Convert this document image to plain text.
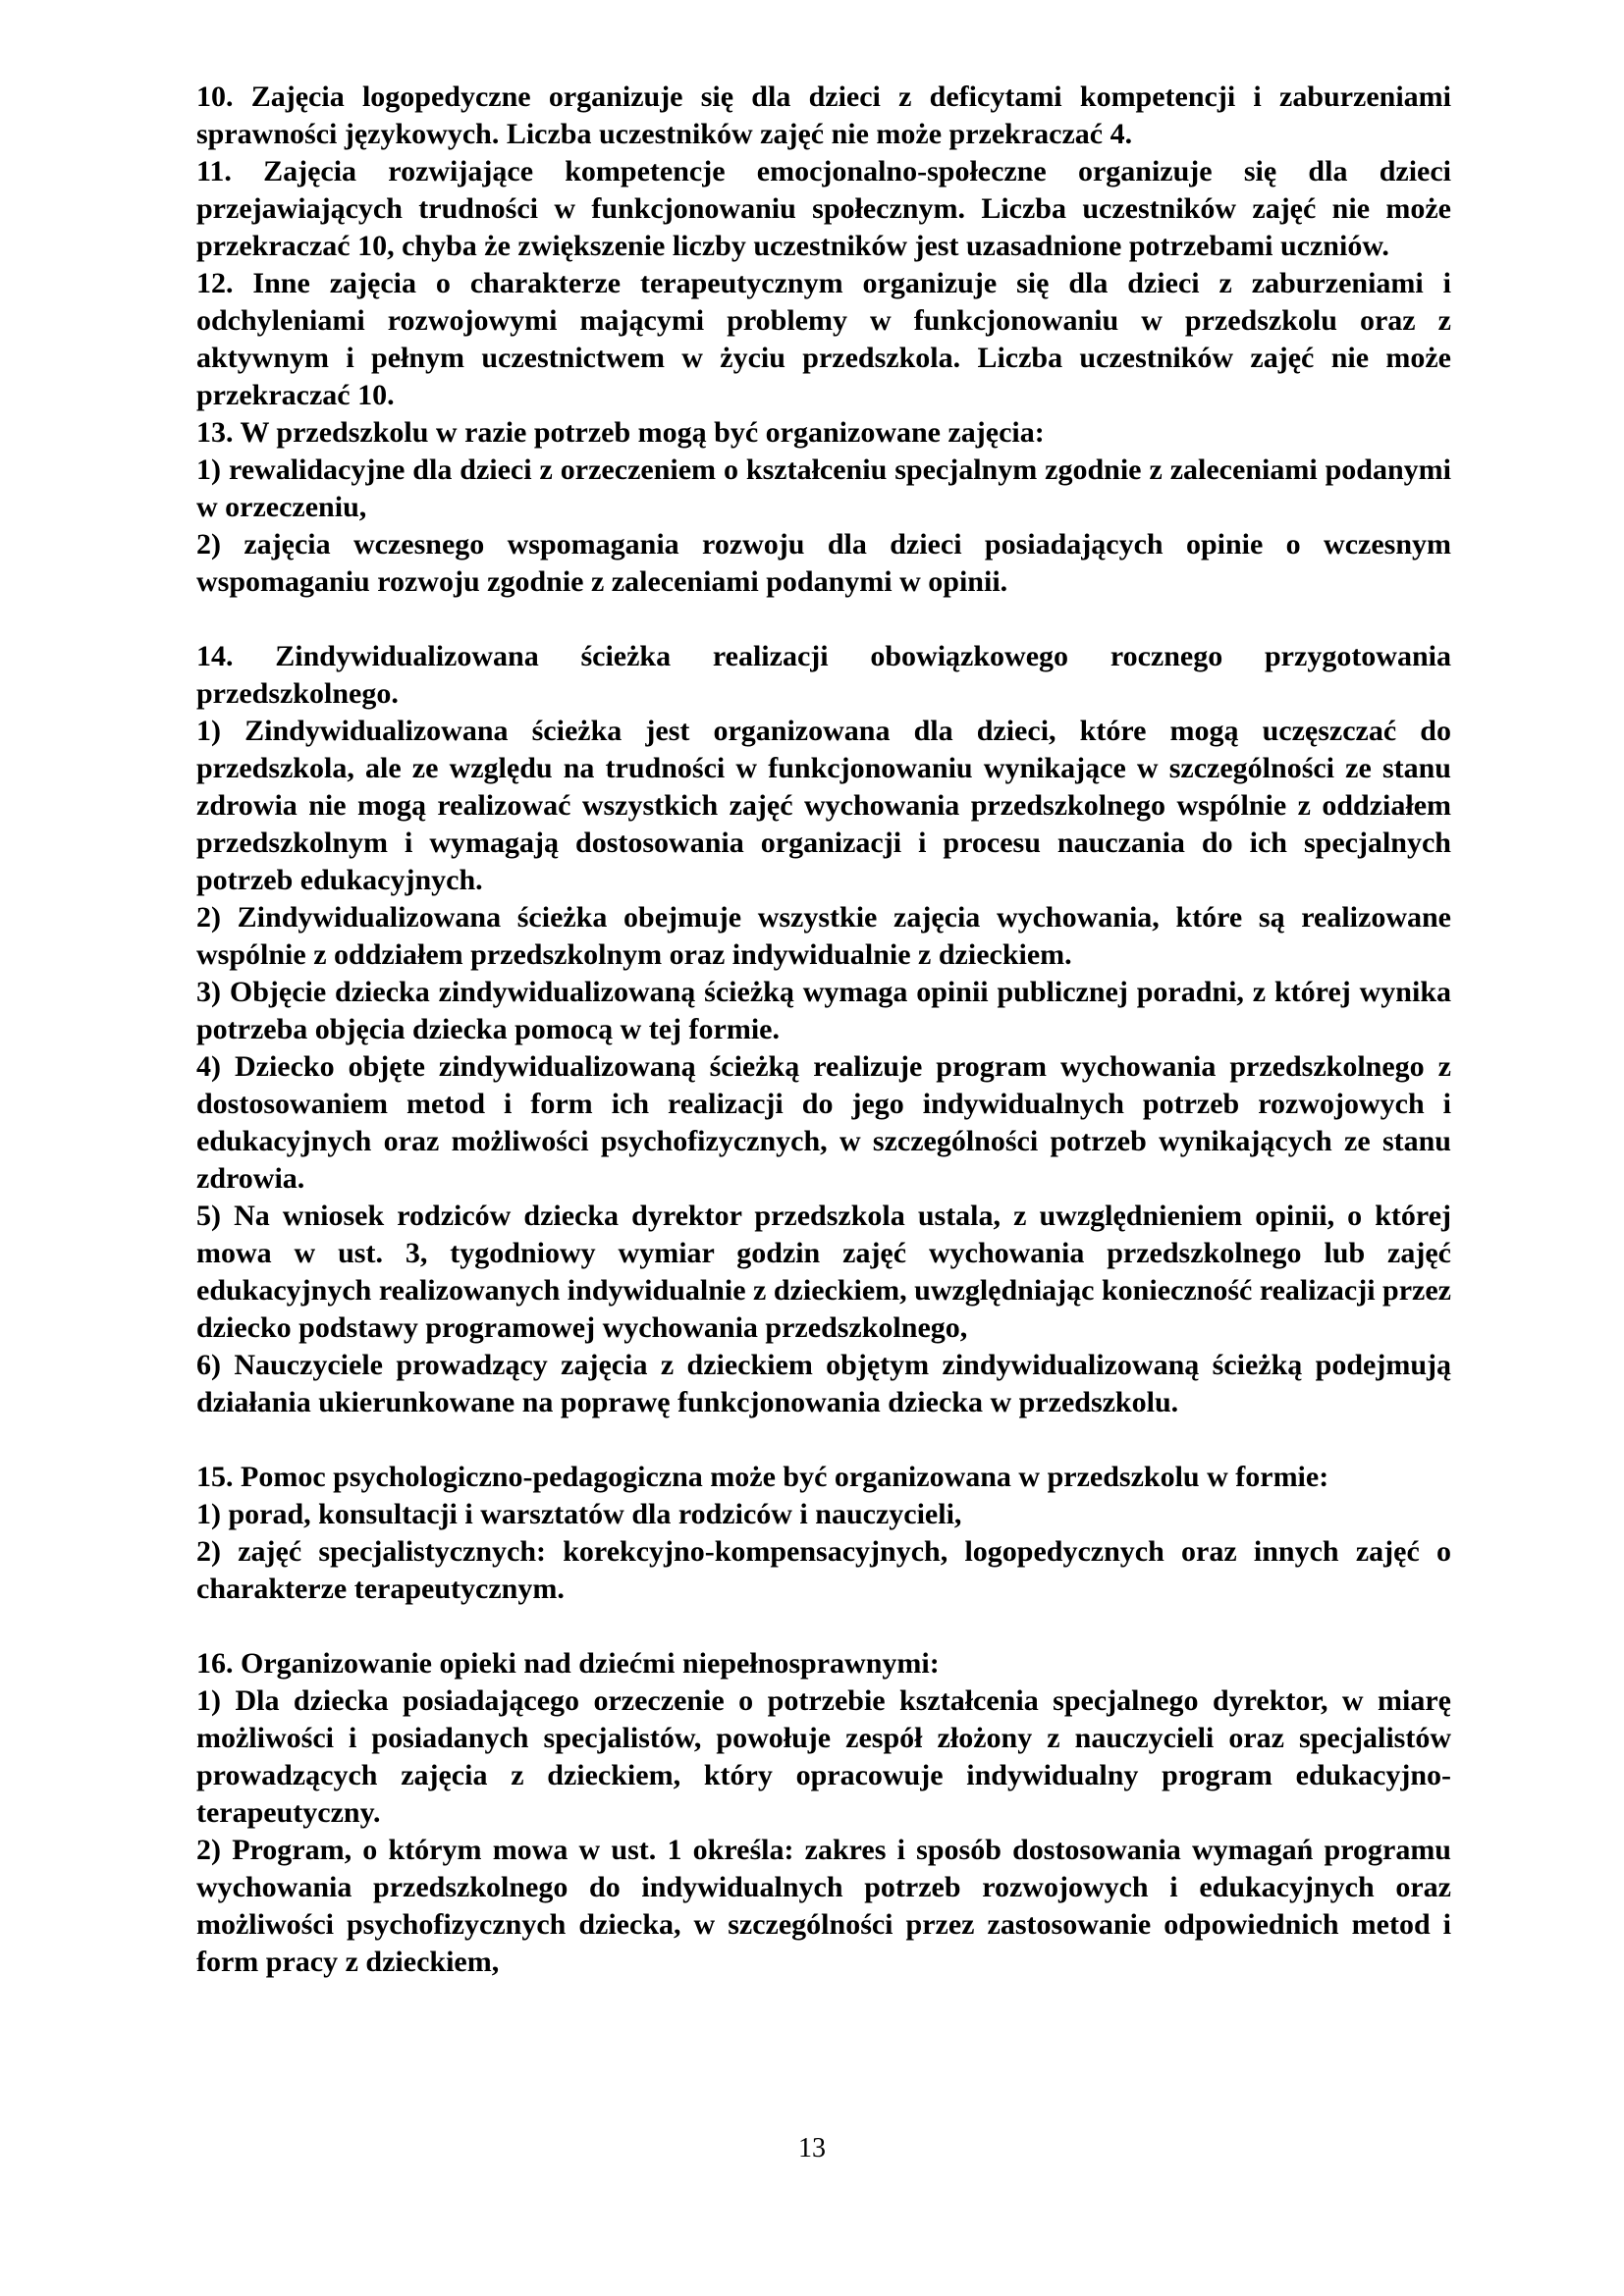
10. Zajęcia logopedyczne organizuje się dla dzieci z deficytami kompetencji i zaburzeniami sprawności językowych. Liczba uczestników zajęć nie może przekraczać 4.

11. Zajęcia rozwijające kompetencje emocjonalno-społeczne organizuje się dla dzieci przejawiających trudności w funkcjonowaniu społecznym. Liczba uczestników zajęć nie może przekraczać 10, chyba że zwiększenie liczby uczestników jest uzasadnione potrzebami uczniów.

12. Inne zajęcia o charakterze terapeutycznym organizuje się dla dzieci z zaburzeniami i odchyleniami rozwojowymi mającymi problemy w funkcjonowaniu w przedszkolu oraz z aktywnym i pełnym uczestnictwem w życiu przedszkola. Liczba uczestników zajęć nie może przekraczać 10.

13. W przedszkolu w razie potrzeb mogą być organizowane zajęcia:

1) rewalidacyjne dla dzieci z orzeczeniem o kształceniu specjalnym zgodnie z zaleceniami podanymi w orzeczeniu,

2) zajęcia wczesnego wspomagania rozwoju dla dzieci posiadających opinie o wczesnym wspomaganiu rozwoju zgodnie z zaleceniami podanymi w opinii.

14. Zindywidualizowana ścieżka realizacji obowiązkowego rocznego przygotowania przedszkolnego.

1) Zindywidualizowana ścieżka jest organizowana dla dzieci, które mogą uczęszczać do przedszkola, ale ze względu na trudności w funkcjonowaniu wynikające w szczególności ze stanu zdrowia nie mogą realizować wszystkich zajęć wychowania przedszkolnego wspólnie z oddziałem przedszkolnym i wymagają dostosowania organizacji i procesu nauczania do ich specjalnych potrzeb edukacyjnych.

2) Zindywidualizowana ścieżka obejmuje wszystkie zajęcia wychowania, które są realizowane wspólnie z oddziałem przedszkolnym oraz indywidualnie z dzieckiem.

3) Objęcie dziecka zindywidualizowaną ścieżką wymaga opinii publicznej poradni, z której wynika potrzeba objęcia dziecka pomocą w tej formie.

4) Dziecko objęte zindywidualizowaną ścieżką realizuje program wychowania przedszkolnego z dostosowaniem metod i form ich realizacji do jego indywidualnych potrzeb rozwojowych i edukacyjnych oraz możliwości psychofizycznych, w szczególności potrzeb wynikających ze stanu zdrowia.

5) Na wniosek rodziców dziecka dyrektor przedszkola ustala, z uwzględnieniem opinii, o której mowa w ust. 3, tygodniowy wymiar godzin zajęć wychowania przedszkolnego lub zajęć edukacyjnych realizowanych indywidualnie z dzieckiem, uwzględniając konieczność realizacji przez dziecko podstawy programowej wychowania przedszkolnego,

6) Nauczyciele prowadzący zajęcia z dzieckiem objętym zindywidualizowaną ścieżką podejmują działania ukierunkowane na poprawę funkcjonowania dziecka w przedszkolu.

15. Pomoc psychologiczno-pedagogiczna może być organizowana w przedszkolu w formie:

1) porad, konsultacji i warsztatów dla rodziców i nauczycieli,

2) zajęć specjalistycznych: korekcyjno-kompensacyjnych, logopedycznych oraz innych zajęć o charakterze terapeutycznym.

16. Organizowanie opieki nad dziećmi niepełnosprawnymi:

1) Dla dziecka posiadającego orzeczenie o potrzebie kształcenia specjalnego dyrektor, w miarę możliwości i posiadanych specjalistów, powołuje zespół złożony z nauczycieli oraz specjalistów prowadzących zajęcia z dzieckiem, który opracowuje indywidualny program edukacyjno-terapeutyczny.

2) Program, o którym mowa w ust. 1 określa: zakres i sposób dostosowania wymagań programu wychowania przedszkolnego do indywidualnych potrzeb rozwojowych i edukacyjnych oraz możliwości psychofizycznych dziecka, w szczególności przez zastosowanie odpowiednich metod i form pracy z dzieckiem,

13
